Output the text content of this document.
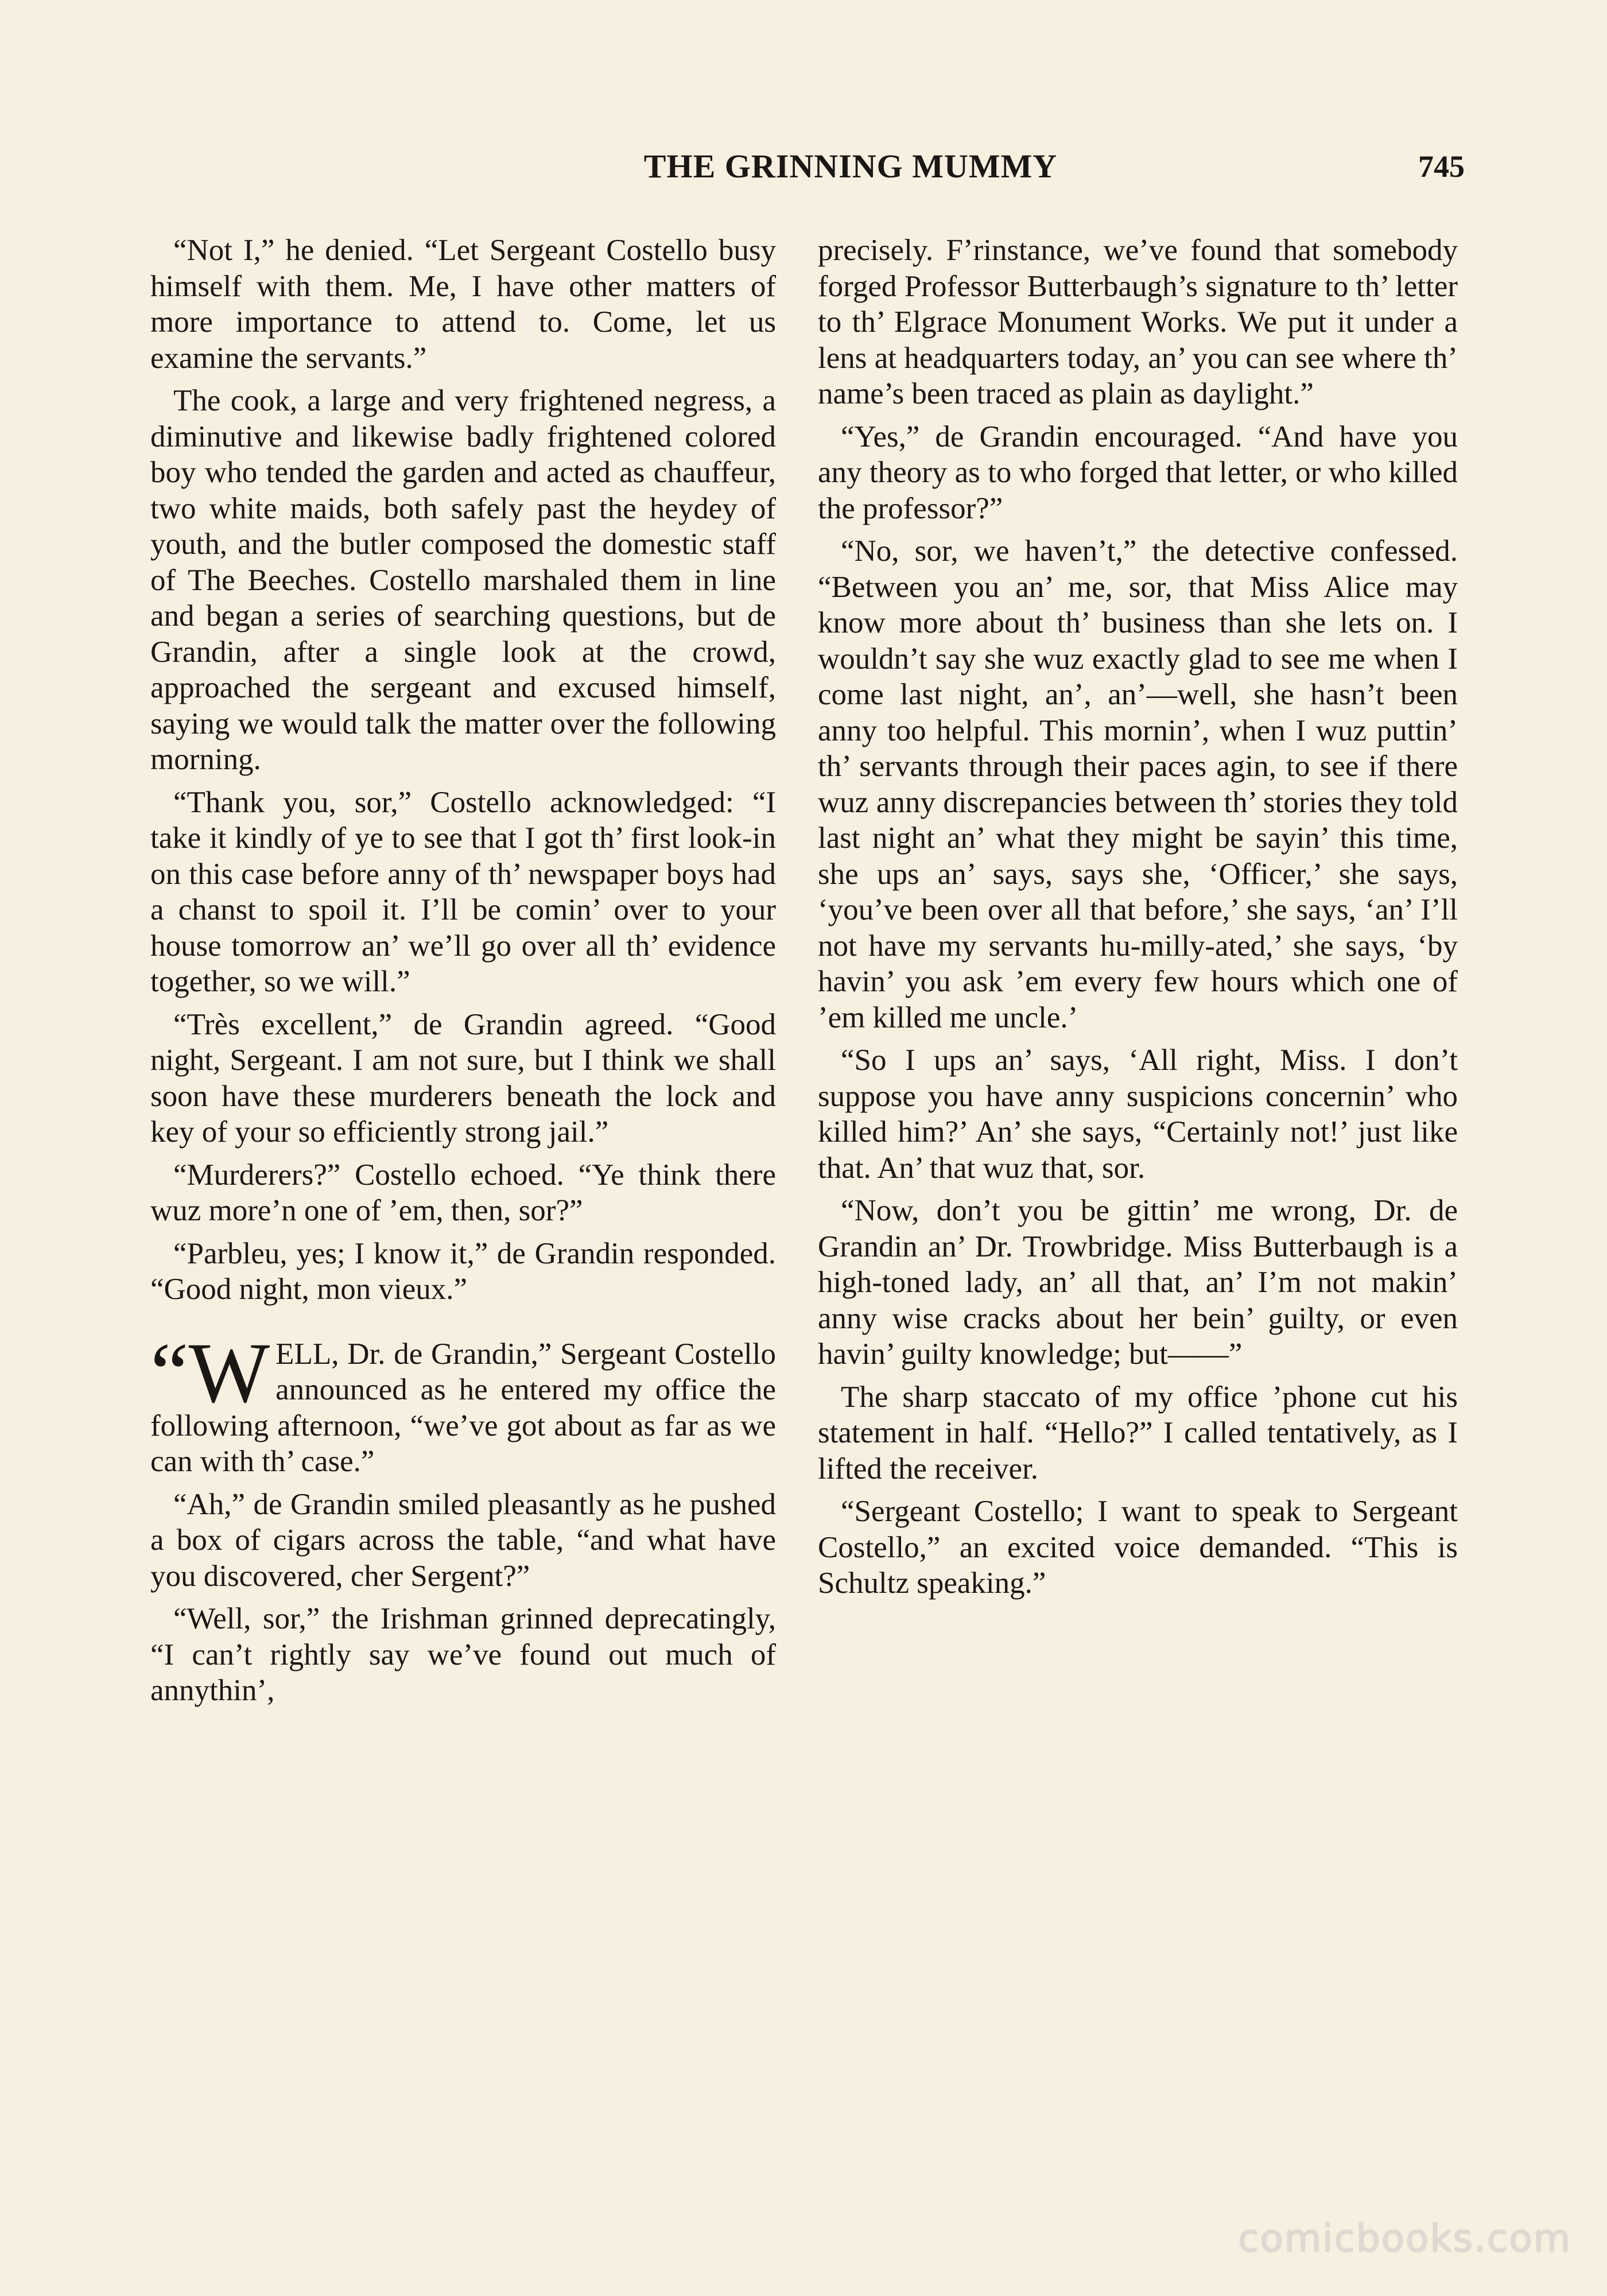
THE GRINNING MUMMY	745

“Not I,” he denied. “Let Sergeant Costello busy himself with them. Me, I have other matters of more importance to attend to. Come, let us examine the servants.”

The cook, a large and very frightened negress, a diminutive and likewise badly frightened colored boy who tended the garden and acted as chauffeur, two white maids, both safely past the heydey of youth, and the butler composed the domestic staff of The Beeches. Costello marshaled them in line and began a series of searching questions, but de Grandin, after a single look at the crowd, approached the sergeant and excused himself, saying we would talk the matter over the following morning.

“Thank you, sor,” Costello acknowledged: “I take it kindly of ye to see that I got th’ first look-in on this case before anny of th’ newspaper boys had a chanst to spoil it. I’ll be comin’ over to your house tomorrow an’ we’ll go over all th’ evidence together, so we will.”

“Très excellent,” de Grandin agreed. “Good night, Sergeant. I am not sure, but I think we shall soon have these murderers beneath the lock and key of your so efficiently strong jail.”

“Murderers?” Costello echoed. “Ye think there wuz more’n one of ’em, then, sor?”

“Parbleu, yes; I know it,” de Grandin responded. “Good night, mon vieux.”

“W ELL, Dr. de Grandin,” Sergeant Costello announced as he entered my office the following afternoon, “we’ve got about as far as we can with th’ case.”

“Ah,” de Grandin smiled pleasantly as he pushed a box of cigars across the table, “and what have you discovered, cher Sergent?”

“Well, sor,” the Irishman grinned deprecatingly, “I can’t rightly say we’ve found out much of annythin’,

precisely. F’rinstance, we’ve found that somebody forged Professor Butterbaugh’s signature to th’ letter to th’ Elgrace Monument Works. We put it under a lens at headquarters today, an’ you can see where th’ name’s been traced as plain as daylight.”

“Yes,” de Grandin encouraged. “And have you any theory as to who forged that letter, or who killed the professor?”

“No, sor, we haven’t,” the detective confessed. “Between you an’ me, sor, that Miss Alice may know more about th’ business than she lets on. I wouldn’t say she wuz exactly glad to see me when I come last night, an’, an’—well, she hasn’t been anny too helpful. This mornin’, when I wuz puttin’ th’ servants through their paces agin, to see if there wuz anny discrepancies between th’ stories they told last night an’ what they might be sayin’ this time, she ups an’ says, says she, ‘Officer,’ she says, ‘you’ve been over all that before,’ she says, ‘an’ I’ll not have my servants hu-milly-ated,’ she says, ‘by havin’ you ask ’em every few hours which one of ’em killed me uncle.’

“So I ups an’ says, ‘All right, Miss. I don’t suppose you have anny suspicions concernin’ who killed him?’ An’ she says, “Certainly not!’ just like that. An’ that wuz that, sor.

“Now, don’t you be gittin’ me wrong, Dr. de Grandin an’ Dr. Trowbridge. Miss Butterbaugh is a high-toned lady, an’ all that, an’ I’m not makin’ anny wise cracks about her bein’ guilty, or even havin’ guilty knowledge; but——”

The sharp staccato of my office ’phone cut his statement in half. “Hello?” I called tentatively, as I lifted the receiver.

“Sergeant Costello; I want to speak to Sergeant Costello,” an excited voice demanded. “This is Schultz speaking.”

comicbooks.com
